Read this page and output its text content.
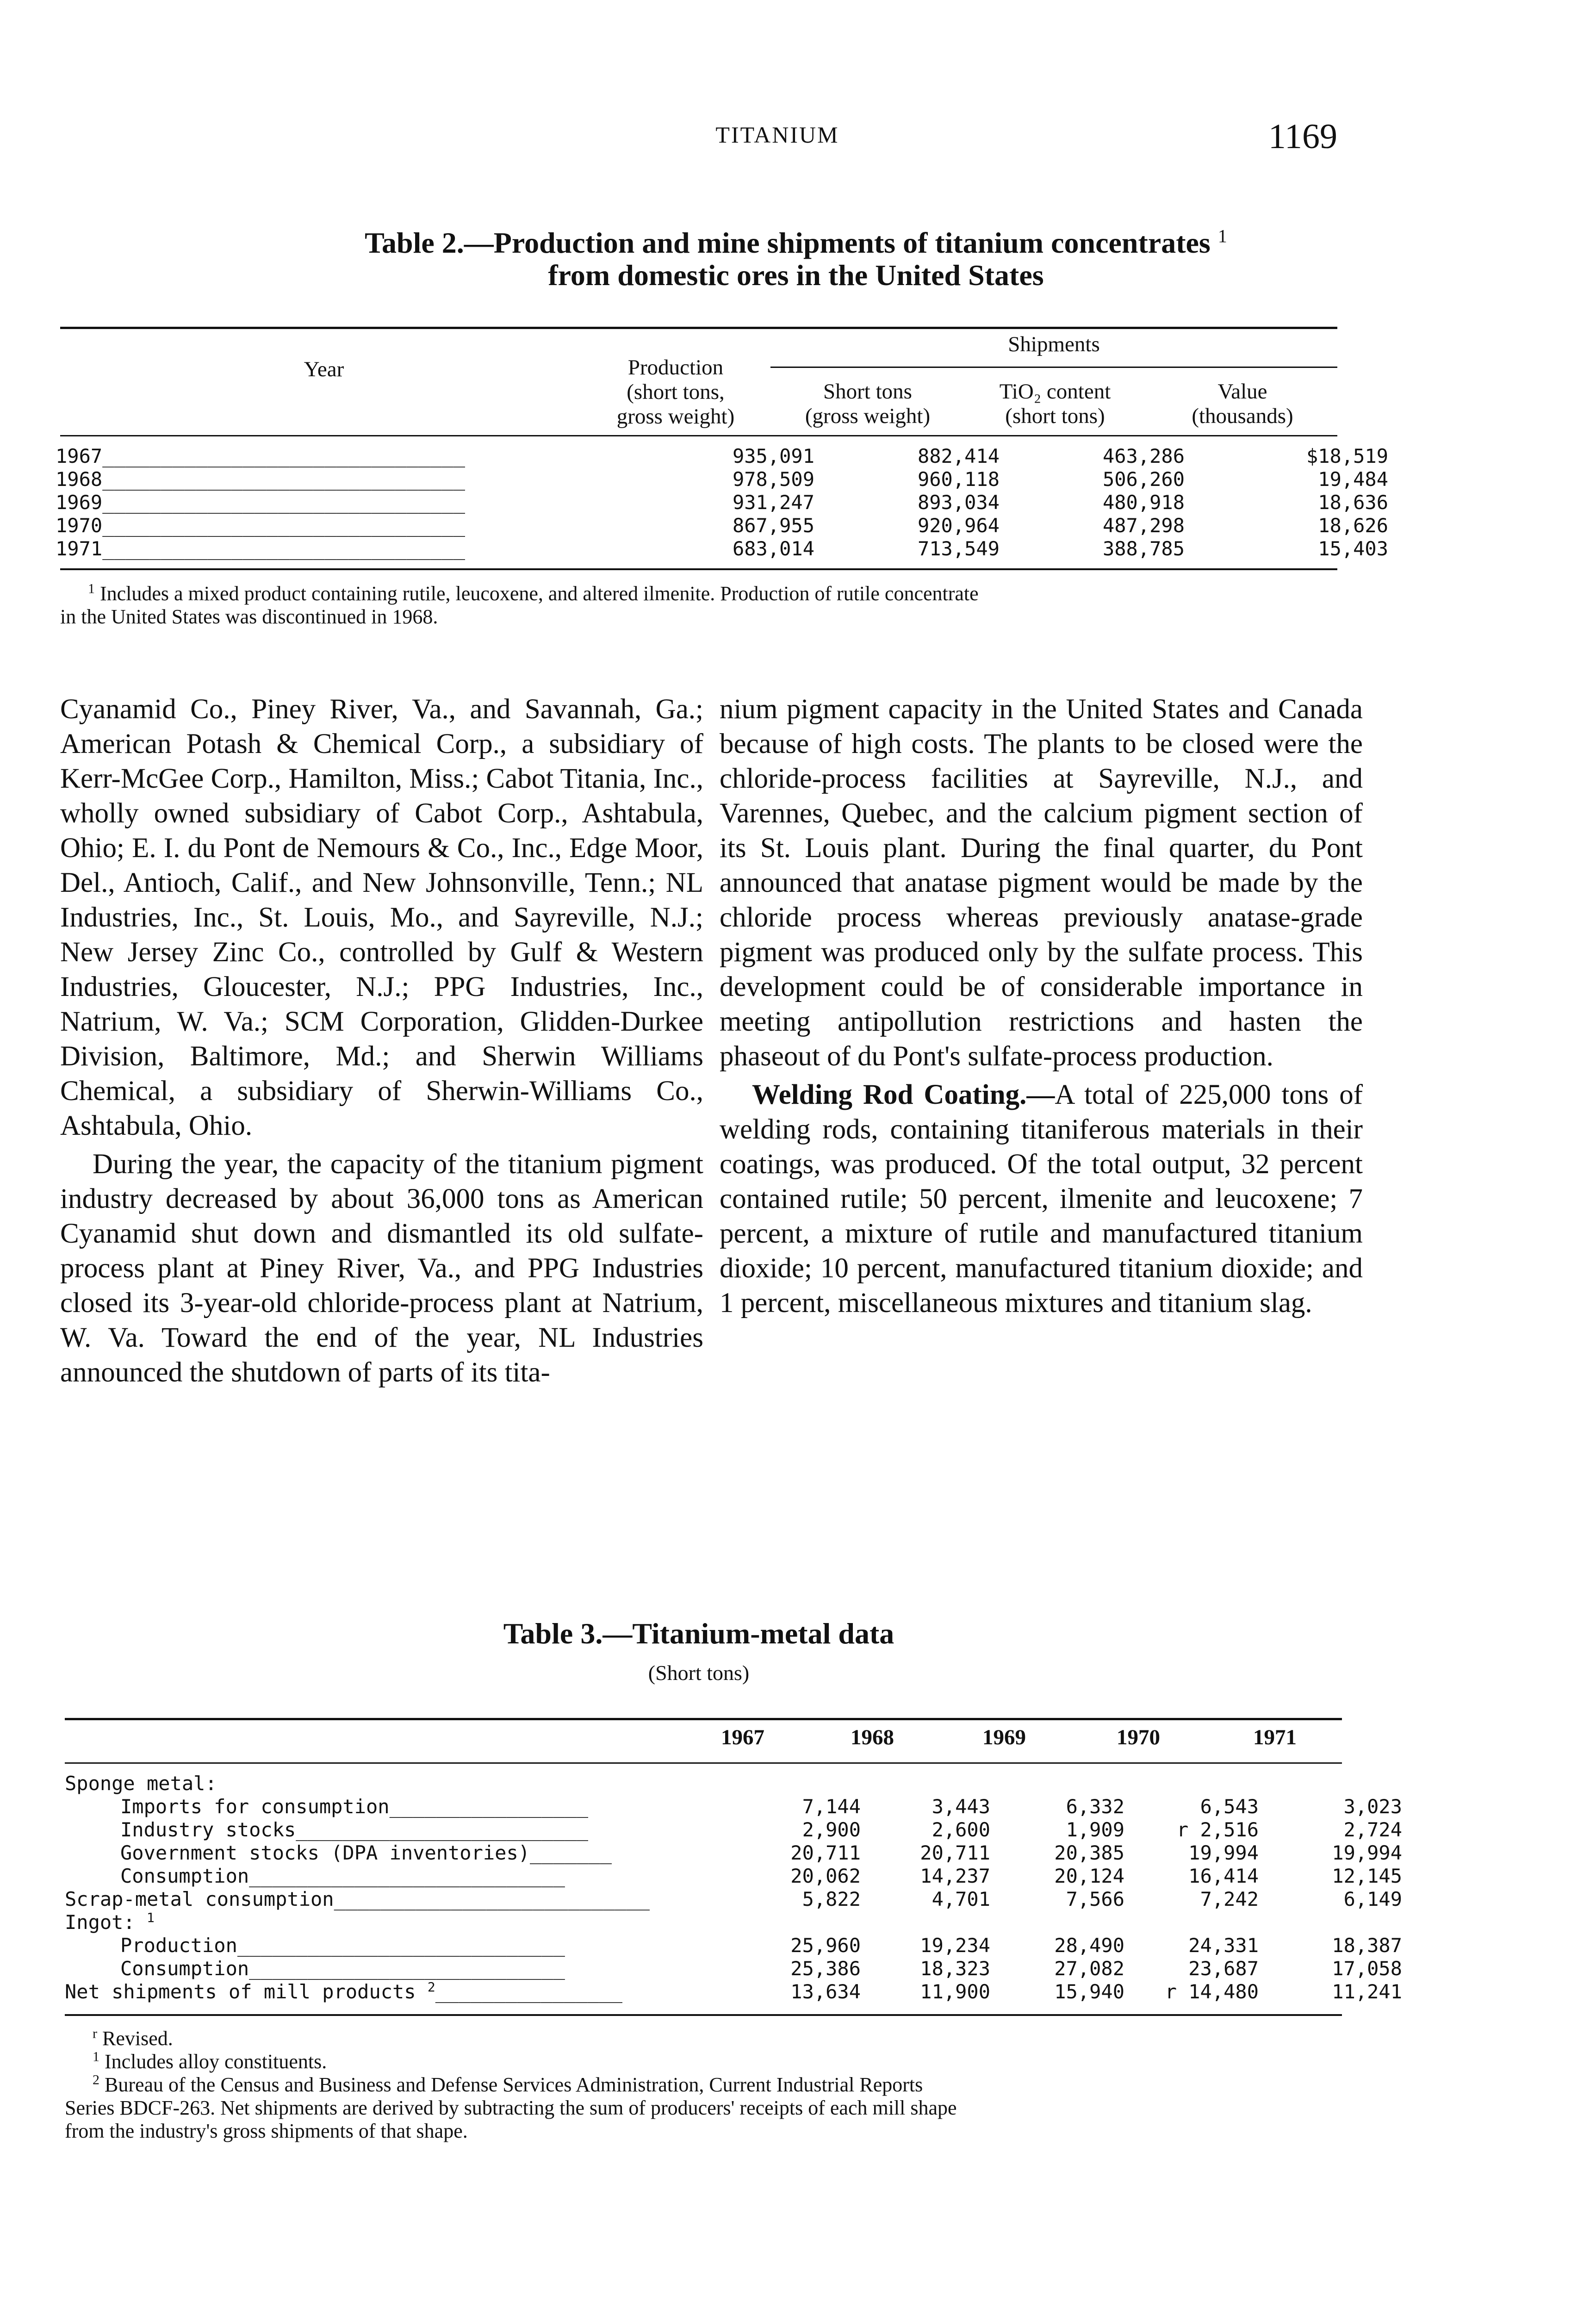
TITANIUM	1169
Table 2.—Production and mine shipments of titanium concentrates $^1$
from domestic ores in the United States
Year	Production
(short tons,
gross weight)
Shipments
Short tons
(gross weight)
TiO₂ content
(short tons)
Value
(thousands)
1967_______________________________	935,091	882,414	463,286	$18,519
1968_______________________________	978,509	960,118	506,260	19,484
1969_______________________________	931,247	893,034	480,918	18,636
1970_______________________________	867,955	920,964	487,298	18,626
1971_______________________________	683,014	713,549	388,785	15,403
$^1$ Includes a mixed product containing rutile, leucoxene, and altered ilmenite. Production of rutile concentrate
in the United States was discontinued in 1968.

Cyanamid Co., Piney River, Va., and Savannah, Ga.; American Potash & Chemical Corp., a subsidiary of Kerr-McGee Corp., Hamilton, Miss.; Cabot Titania, Inc., wholly owned subsidiary of Cabot Corp., Ashtabula, Ohio; E. I. du Pont de Nemours & Co., Inc., Edge Moor, Del., Antioch, Calif., and New Johnsonville, Tenn.; NL Industries, Inc., St. Louis, Mo., and Sayreville, N.J.; New Jersey Zinc Co., controlled by Gulf & Western Industries, Gloucester, N.J.; PPG Industries, Inc., Natrium, W. Va.; SCM Corporation, Glidden-Durkee Division, Baltimore, Md.; and Sherwin Williams Chemical, a subsidiary of Sherwin-Williams Co., Ashtabula, Ohio.

During the year, the capacity of the titanium pigment industry decreased by about 36,000 tons as American Cyanamid shut down and dismantled its old sulfate-process plant at Piney River, Va., and PPG Industries closed its 3-year-old chloride-process plant at Natrium, W. Va. Toward the end of the year, NL Industries announced the shutdown of parts of its tita-

nium pigment capacity in the United States and Canada because of high costs. The plants to be closed were the chloride-process facilities at Sayreville, N.J., and Varennes, Quebec, and the calcium pigment section of its St. Louis plant. During the final quarter, du Pont announced that anatase pigment would be made by the chloride process whereas previously anatase-grade pigment was produced only by the sulfate process. This development could be of considerable importance in meeting antipollution restrictions and hasten the phaseout of du Pont's sulfate-process production.

Welding Rod Coating.—A total of 225,000 tons of welding rods, containing titaniferous materials in their coatings, was produced. Of the total output, 32 percent contained rutile; 50 percent, ilmenite and leucoxene; 7 percent, a mixture of rutile and manufactured titanium dioxide; 10 percent, manufactured titanium dioxide; and 1 percent, miscellaneous mixtures and titanium slag.

Table 3.—Titanium-metal data
(Short tons)
1967	1968	1969	1970	1971
Sponge metal:
Imports for consumption_________________	7,144	3,443	6,332	6,543	3,023
Industry stocks_________________________	2,900	2,600	1,909	r 2,516	2,724
Government stocks (DPA inventories)_______	20,711	20,711	20,385	19,994	19,994
Consumption___________________________	20,062	14,237	20,124	16,414	12,145
Scrap-metal consumption___________________________	5,822	4,701	7,566	7,242	6,149
Ingot: $^1$
Production____________________________	25,960	19,234	28,490	24,331	18,387
Consumption___________________________	25,386	18,323	27,082	23,687	17,058
Net shipments of mill products $^2$________________	13,634	11,900	15,940	r 14,480	11,241
$^r$ Revised.
$^1$ Includes alloy constituents.
$^2$ Bureau of the Census and Business and Defense Services Administration, Current Industrial Reports
Series BDCF-263. Net shipments are derived by subtracting the sum of producers' receipts of each mill shape
from the industry's gross shipments of that shape.
